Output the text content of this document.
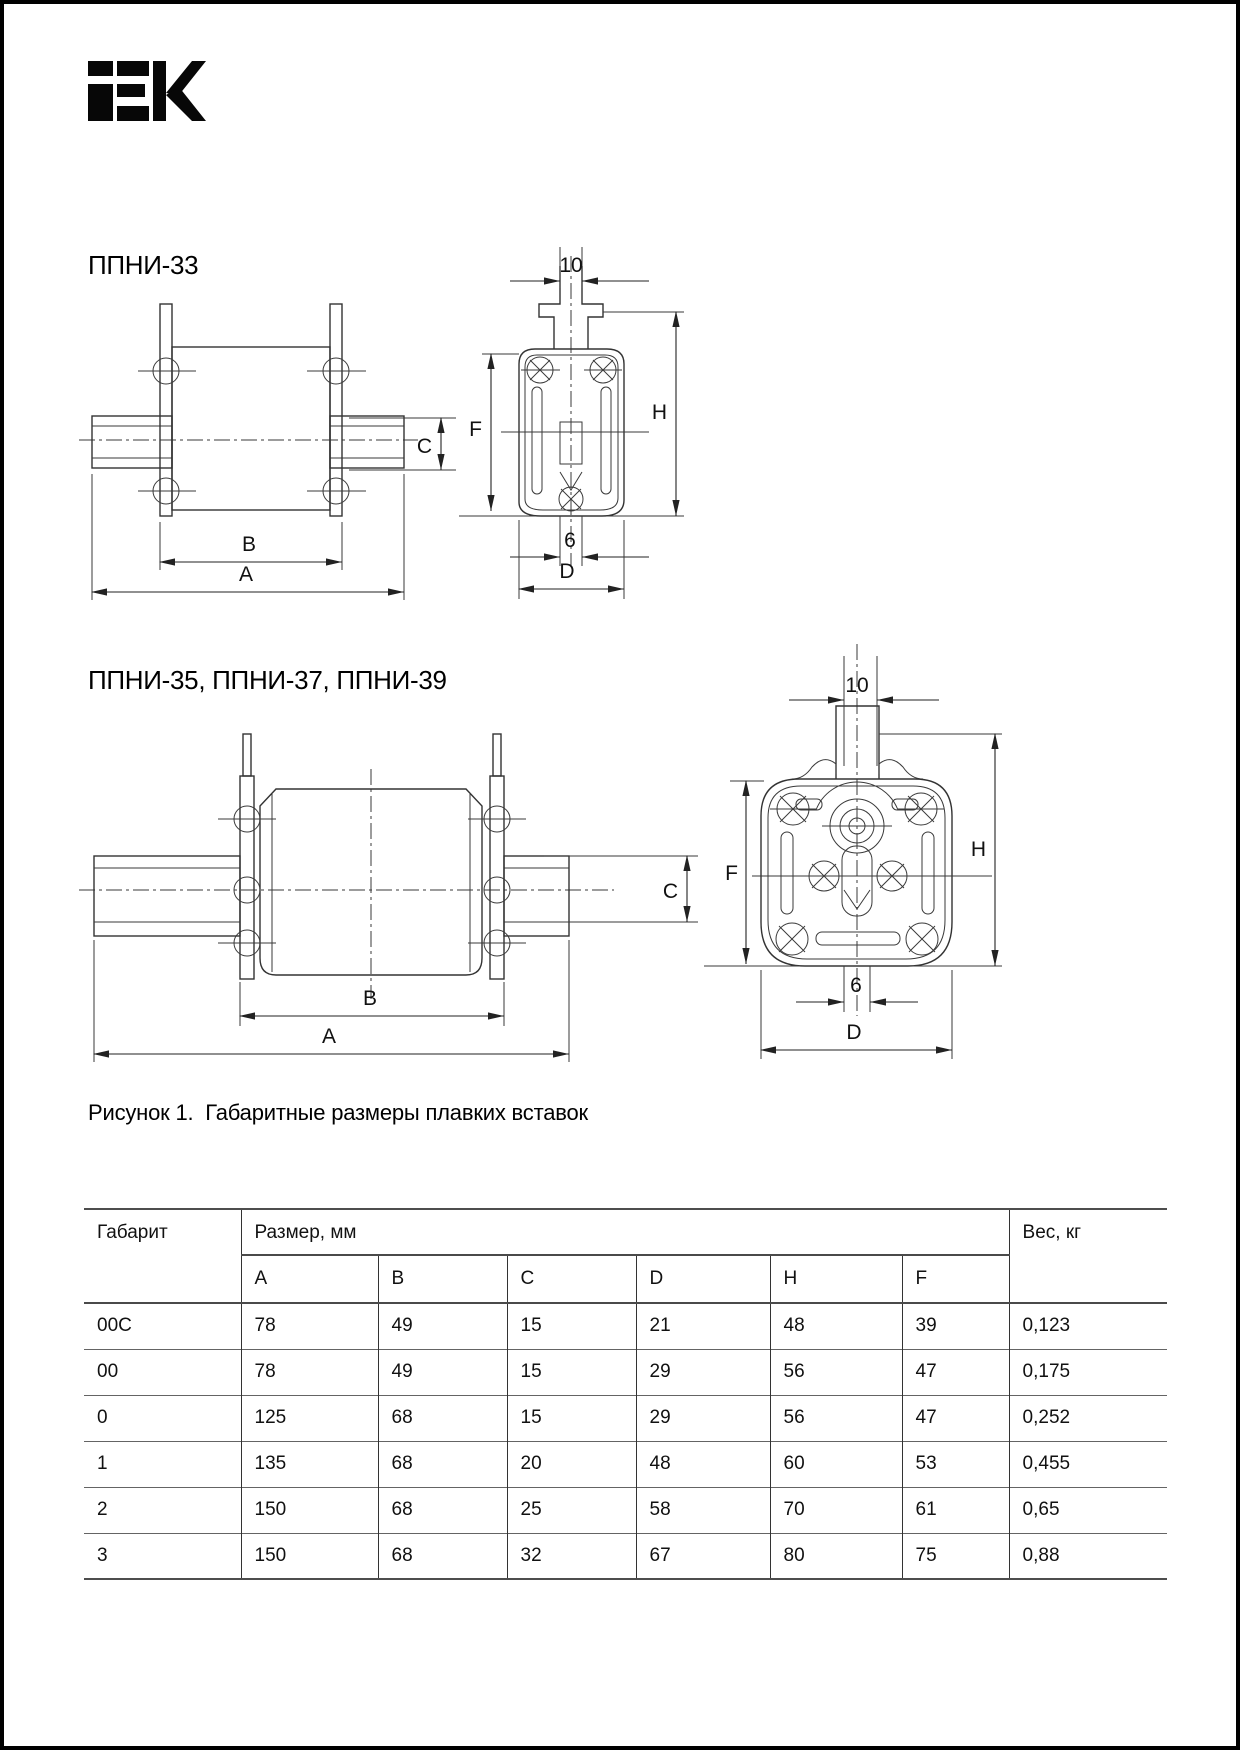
C
B
A
10
F
H
6
D
C
B
A
10
F
H
6
D
ППНИ-33
ППНИ-35, ППНИ-37, ППНИ-39
Рисунок 1.  Габаритные размеры плавких вставок
Габарит	Размер, мм						Вес, кг
	A	B	C	D	H	F	
00C	78	49	15	21	48	39	0,123
00	78	49	15	29	56	47	0,175
0	125	68	15	29	56	47	0,252
1	135	68	20	48	60	53	0,455
2	150	68	25	58	70	61	0,65
3	150	68	32	67	80	75	0,88
